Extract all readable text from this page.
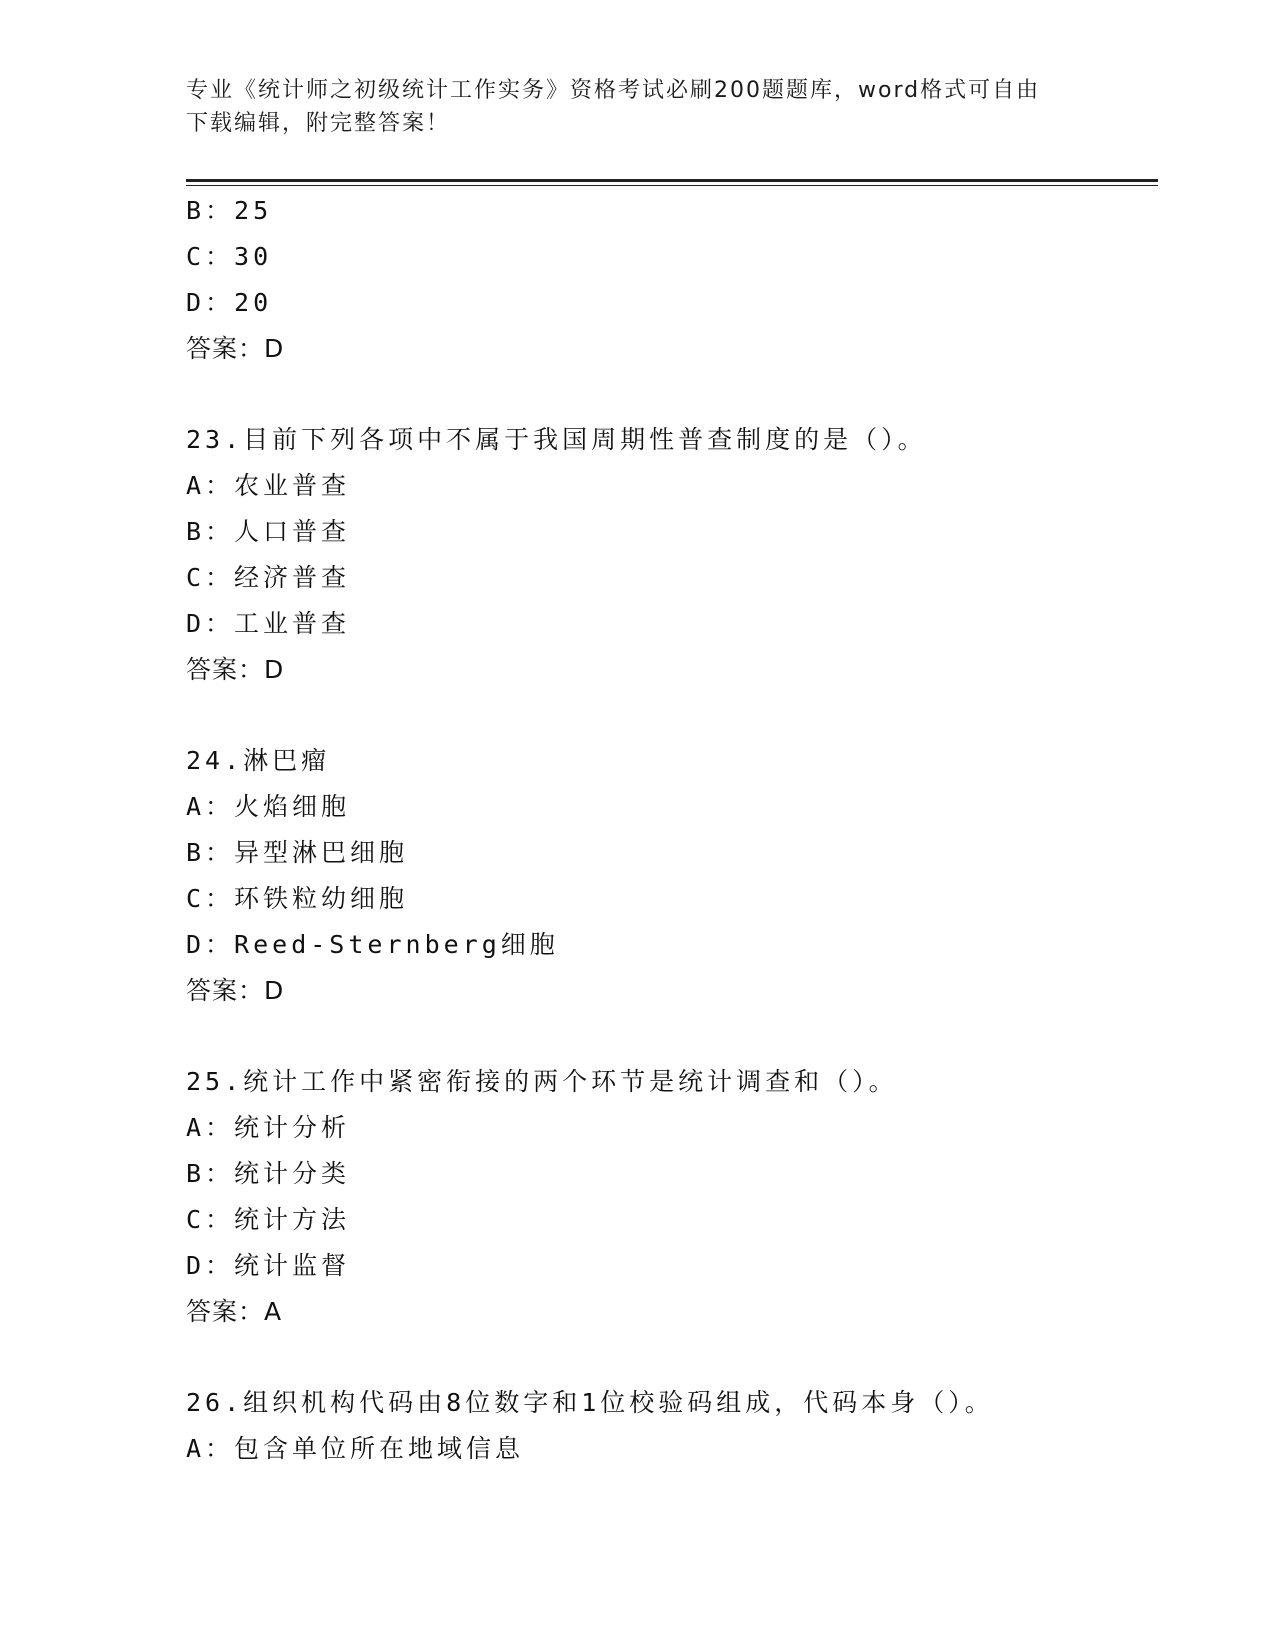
专业《统计师之初级统计工作实务》资格考试必刷200题题库，word格式可自由
下载编辑，附完整答案！
B：25
C：30
D：20
答案：D
23.目前下列各项中不属于我国周期性普查制度的是（）。
A：农业普查
B：人口普查
C：经济普查
D：工业普查
答案：D
24.淋巴瘤
A：火焰细胞
B：异型淋巴细胞
C：环铁粒幼细胞
D：Reed-Sternberg细胞
答案：D
25.统计工作中紧密衔接的两个环节是统计调查和（）。
A：统计分析
B：统计分类
C：统计方法
D：统计监督
答案：A
26.组织机构代码由8位数字和1位校验码组成，代码本身（）。
A：包含单位所在地域信息
